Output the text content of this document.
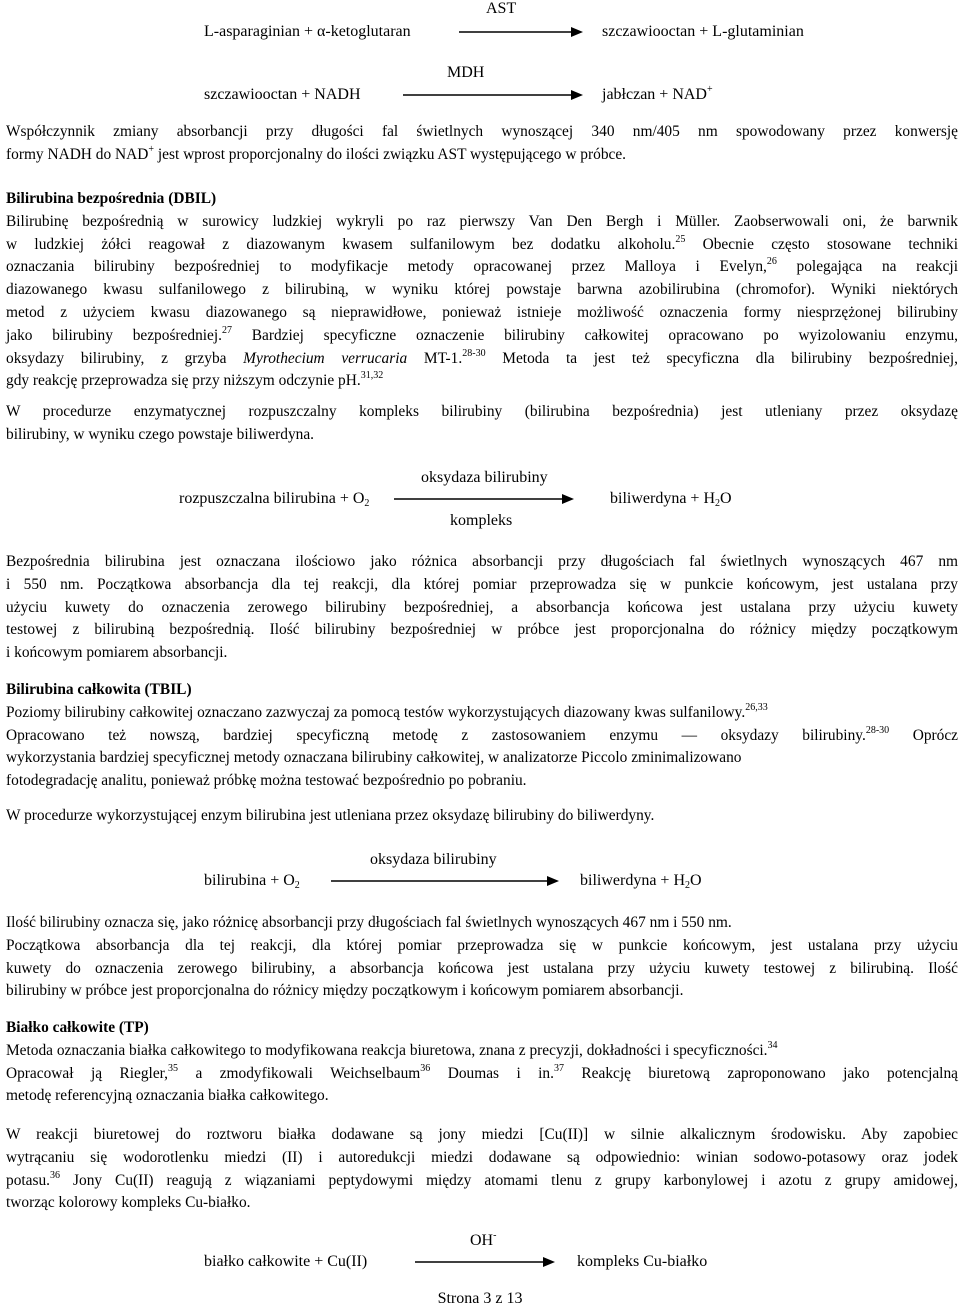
AST
L-asparaginian + α-ketoglutaran	szczawiooctan + L-glutaminian
MDH
szczawiooctan + NADH	jabłczan + NAD+
Współczynnik zmiany absorbancji przy długości fal świetlnych wynoszącej 340 nm/405 nm spowodowany przez konwersję
formy NADH do NAD+ jest wprost proporcjonalny do ilości związku AST występującego w próbce.
Bilirubina bezpośrednia (DBIL)
Bilirubinę bezpośrednią w surowicy ludzkiej wykryli po raz pierwszy Van Den Bergh i Müller. Zaobserwowali oni, że barwnik
w ludzkiej żółci reagował z diazowanym kwasem sulfanilowym bez dodatku alkoholu.$^{25}$ Obecnie często stosowane techniki
oznaczania bilirubiny bezpośredniej to modyfikacje metody opracowanej przez Malloya i Evelyn,$^{26}$ polegająca na reakcji
diazowanego kwasu sulfanilowego z bilirubiną, w wyniku której powstaje barwna azobilirubina (chromofor). Wyniki niektórych
metod z użyciem kwasu diazowanego są nieprawidłowe, ponieważ istnieje możliwość oznaczenia formy niesprzężonej bilirubiny
jako bilirubiny bezpośredniej.$^{27}$ Bardziej specyficzne oznaczenie bilirubiny całkowitej opracowano po wyizolowaniu enzymu,
oksydazy bilirubiny, z grzyba Myrothecium verrucaria MT-1.$^{28-30}$ Metoda ta jest też specyficzna dla bilirubiny bezpośredniej,
gdy reakcję przeprowadza się przy niższym odczynie pH.$^{31,32}$
W procedurze enzymatycznej rozpuszczalny kompleks bilirubiny (bilirubina bezpośrednia) jest utleniany przez oksydazę
bilirubiny, w wyniku czego powstaje biliwerdyna.
oksydaza bilirubiny
rozpuszczalna bilirubina + $O_2$	biliwerdyna + $H_2O$
kompleks
Bezpośrednia bilirubina jest oznaczana ilościowo jako różnica absorbancji przy długościach fal świetlnych wynoszących 467 nm
i 550 nm. Początkowa absorbancja dla tej reakcji, dla której pomiar przeprowadza się w punkcie końcowym, jest ustalana przy
użyciu kuwety do oznaczenia zerowego bilirubiny bezpośredniej, a absorbancja końcowa jest ustalana przy użyciu kuwety
testowej z bilirubiną bezpośrednią. Ilość bilirubiny bezpośredniej w próbce jest proporcjonalna do różnicy między początkowym
i końcowym pomiarem absorbancji.
Bilirubina całkowita (TBIL)
Poziomy bilirubiny całkowitej oznaczano zazwyczaj za pomocą testów wykorzystujących diazowany kwas sulfanilowy.$^{26,33}$
Opracowano też nowszą, bardziej specyficzną metodę z zastosowaniem enzymu — oksydazy bilirubiny.$^{28-30}$ Oprócz
wykorzystania bardziej specyficznej metody oznaczana bilirubiny całkowitej, w analizatorze Piccolo zminimalizowano
fotodegradację analitu, ponieważ próbkę można testować bezpośrednio po pobraniu.
W procedurze wykorzystującej enzym bilirubina jest utleniana przez oksydazę bilirubiny do biliwerdyny.
oksydaza bilirubiny
bilirubina + $O_2$	biliwerdyna + $H_2O$
Ilość bilirubiny oznacza się, jako różnicę absorbancji przy długościach fal świetlnych wynoszących 467 nm i 550 nm.
Początkowa absorbancja dla tej reakcji, dla której pomiar przeprowadza się w punkcie końcowym, jest ustalana przy użyciu
kuwety do oznaczenia zerowego bilirubiny, a absorbancja końcowa jest ustalana przy użyciu kuwety testowej z bilirubiną. Ilość
bilirubiny w próbce jest proporcjonalna do różnicy między początkowym i końcowym pomiarem absorbancji.
Białko całkowite (TP)
Metoda oznaczania białka całkowitego to modyfikowana reakcja biuretowa, znana z precyzji, dokładności i specyficzności.$^{34}$
Opracował ją Riegler,$^{35}$ a zmodyfikowali Weichselbaum$^{36}$ Doumas i in.$^{37}$ Reakcję biuretową zaproponowano jako potencjalną
metodę referencyjną oznaczania białka całkowitego.
W reakcji biuretowej do roztworu białka dodawane są jony miedzi [Cu(II)] w silnie alkalicznym środowisku. Aby zapobiec
wytrącaniu się wodorotlenku miedzi (II) i autoredukcji miedzi dodawane są odpowiednio: winian sodowo-potasowy oraz jodek
potasu.$^{36}$ Jony Cu(II) reagują z wiązaniami peptydowymi między atomami tlenu z grupy karbonylowej i azotu z grupy amidowej,
tworząc kolorowy kompleks Cu-białko.
OH-
białko całkowite + Cu(II)	kompleks Cu-białko
Strona 3 z 13
